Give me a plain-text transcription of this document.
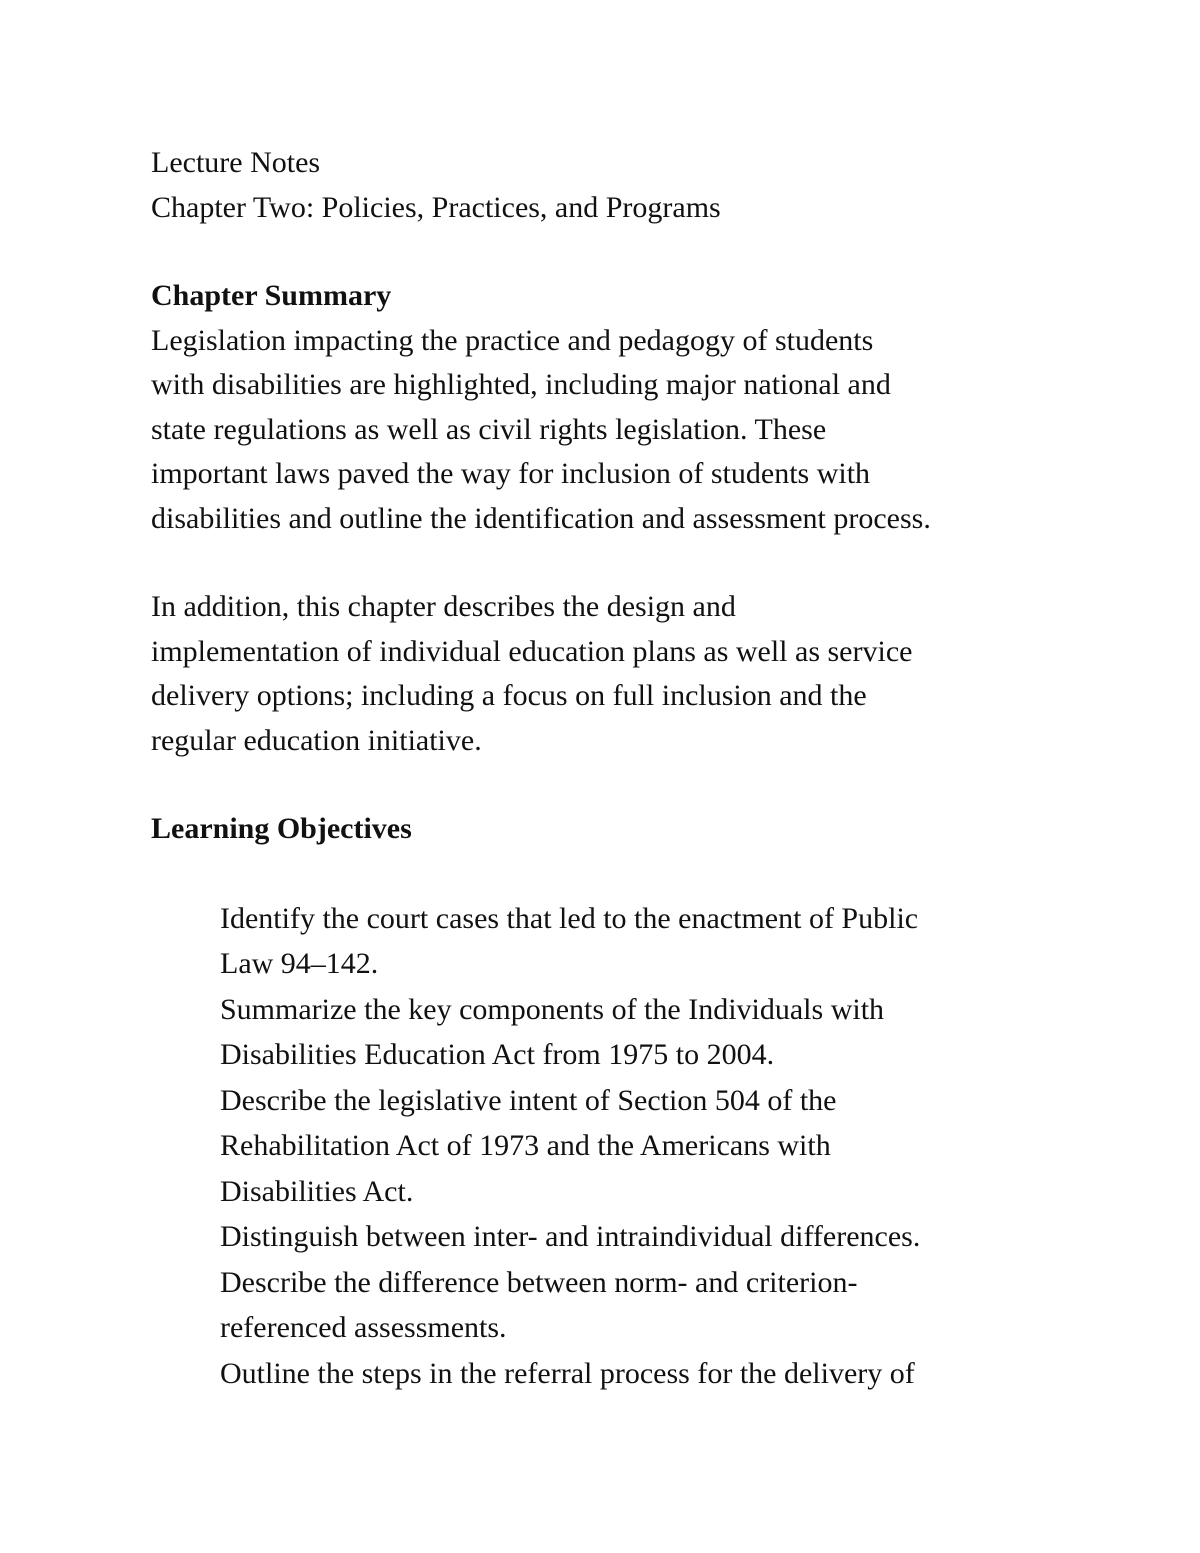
Lecture Notes
Chapter Two: Policies, Practices, and Programs
Chapter Summary
Legislation impacting the practice and pedagogy of students
with disabilities are highlighted, including major national and
state regulations as well as civil rights legislation. These
important laws paved the way for inclusion of students with
disabilities and outline the identification and assessment process.
In addition, this chapter describes the design and
implementation of individual education plans as well as service
delivery options; including a focus on full inclusion and the
regular education initiative.
Learning Objectives
Identify the court cases that led to the enactment of Public
Law 94–142.
Summarize the key components of the Individuals with
Disabilities Education Act from 1975 to 2004.
Describe the legislative intent of Section 504 of the
Rehabilitation Act of 1973 and the Americans with
Disabilities Act.
Distinguish between inter- and intraindividual differences.
Describe the difference between norm- and criterion-
referenced assessments.
Outline the steps in the referral process for the delivery of
